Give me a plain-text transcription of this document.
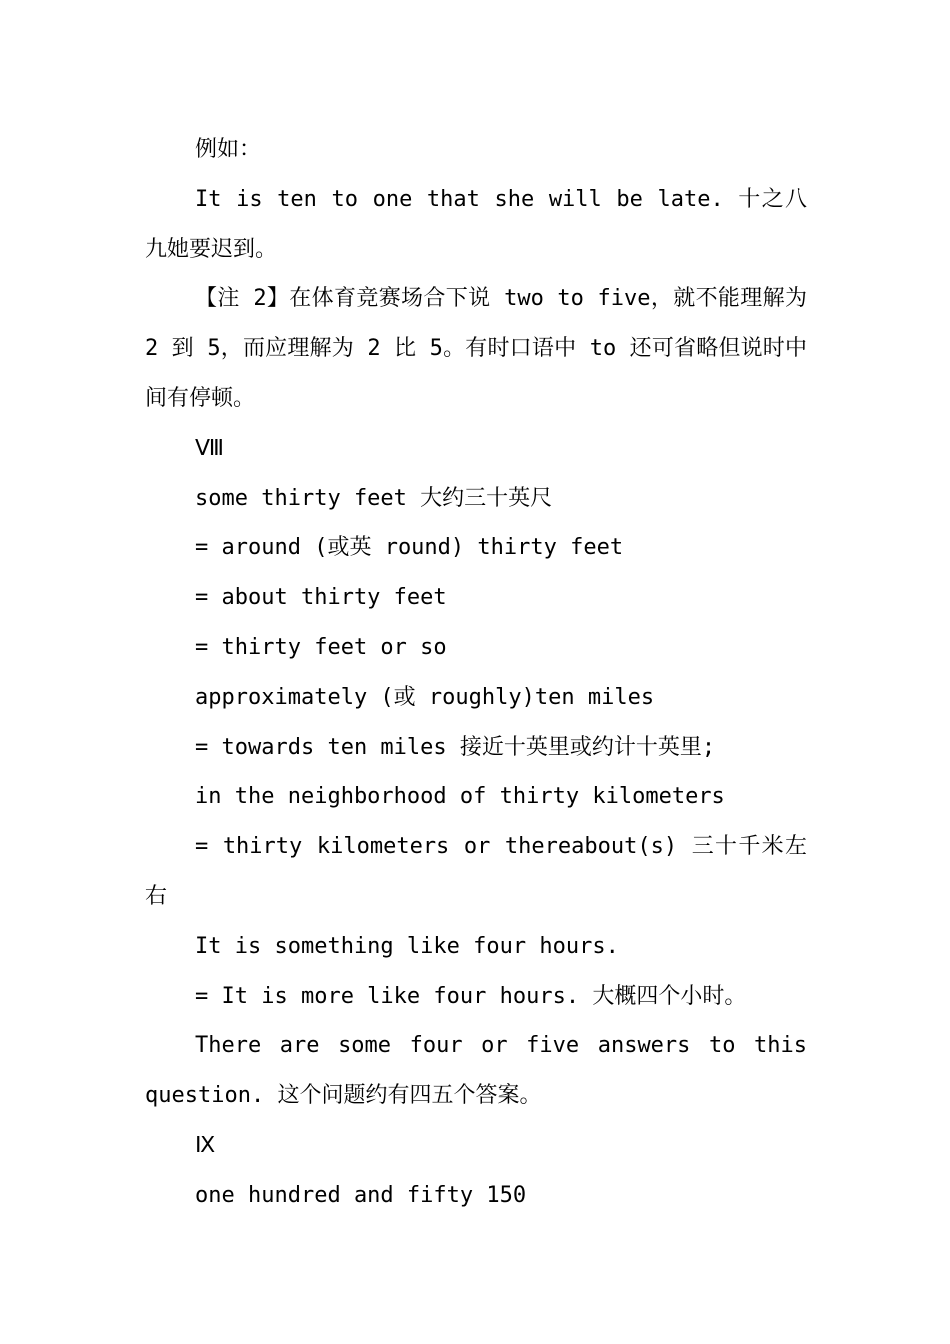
例如：

It is ten to one that she will be late. 十之八九她要迟到。

【注 2】在体育竞赛场合下说 two to five，就不能理解为 2 到 5，而应理解为 2 比 5。有时口语中 to 还可省略但说时中间有停顿。

Ⅷ

some thirty feet 大约三十英尺

= around (或英 round) thirty feet

= about thirty feet

= thirty feet or so

approximately (或 roughly)ten miles

= towards ten miles 接近十英里或约计十英里;

in the neighborhood of thirty kilometers

= thirty kilometers or thereabout(s) 三十千米左右

It is something like four hours.

= It is more like four hours. 大概四个小时。

There are some four or five answers to this question. 这个问题约有四五个答案。

Ⅸ

one hundred and fifty 150
